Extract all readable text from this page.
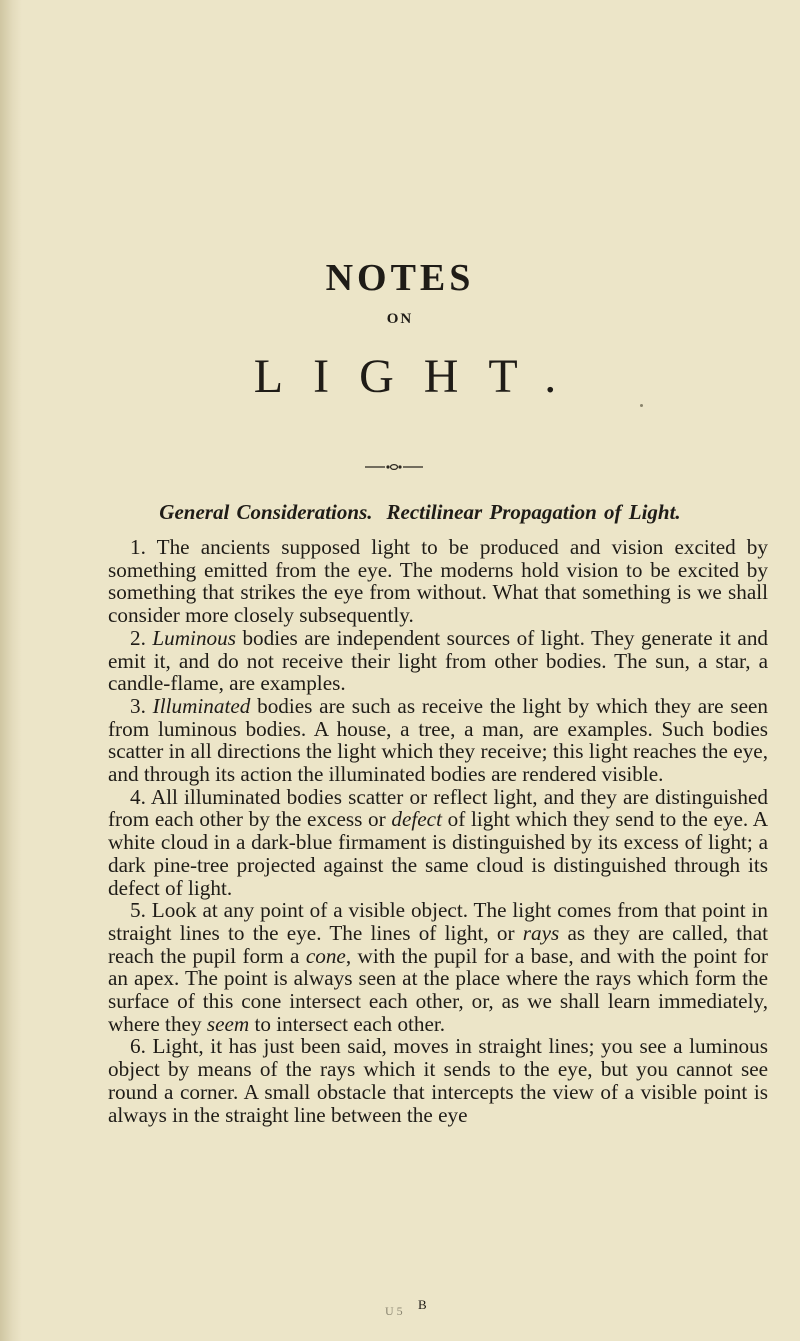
NOTES
ON
LIGHT.
General Considerations. Rectilinear Propagation of Light.

1. The ancients supposed light to be produced and vision excited by something emitted from the eye. The moderns hold vision to be excited by something that strikes the eye from without. What that something is we shall consider more closely subsequently.

2. Luminous bodies are independent sources of light. They generate it and emit it, and do not receive their light from other bodies. The sun, a star, a candle-flame, are examples.

3. Illuminated bodies are such as receive the light by which they are seen from luminous bodies. A house, a tree, a man, are examples. Such bodies scatter in all directions the light which they receive; this light reaches the eye, and through its action the illuminated bodies are rendered visible.

4. All illuminated bodies scatter or reflect light, and they are distinguished from each other by the excess or defect of light which they send to the eye. A white cloud in a dark-blue firmament is distinguished by its excess of light; a dark pine-tree projected against the same cloud is distinguished through its defect of light.

5. Look at any point of a visible object. The light comes from that point in straight lines to the eye. The lines of light, or rays as they are called, that reach the pupil form a cone, with the pupil for a base, and with the point for an apex. The point is always seen at the place where the rays which form the surface of this cone intersect each other, or, as we shall learn immediately, where they seem to intersect each other.

6. Light, it has just been said, moves in straight lines; you see a luminous object by means of the rays which it sends to the eye, but you cannot see round a corner. A small obstacle that intercepts the view of a visible point is always in the straight line between the eye

B
U 5
